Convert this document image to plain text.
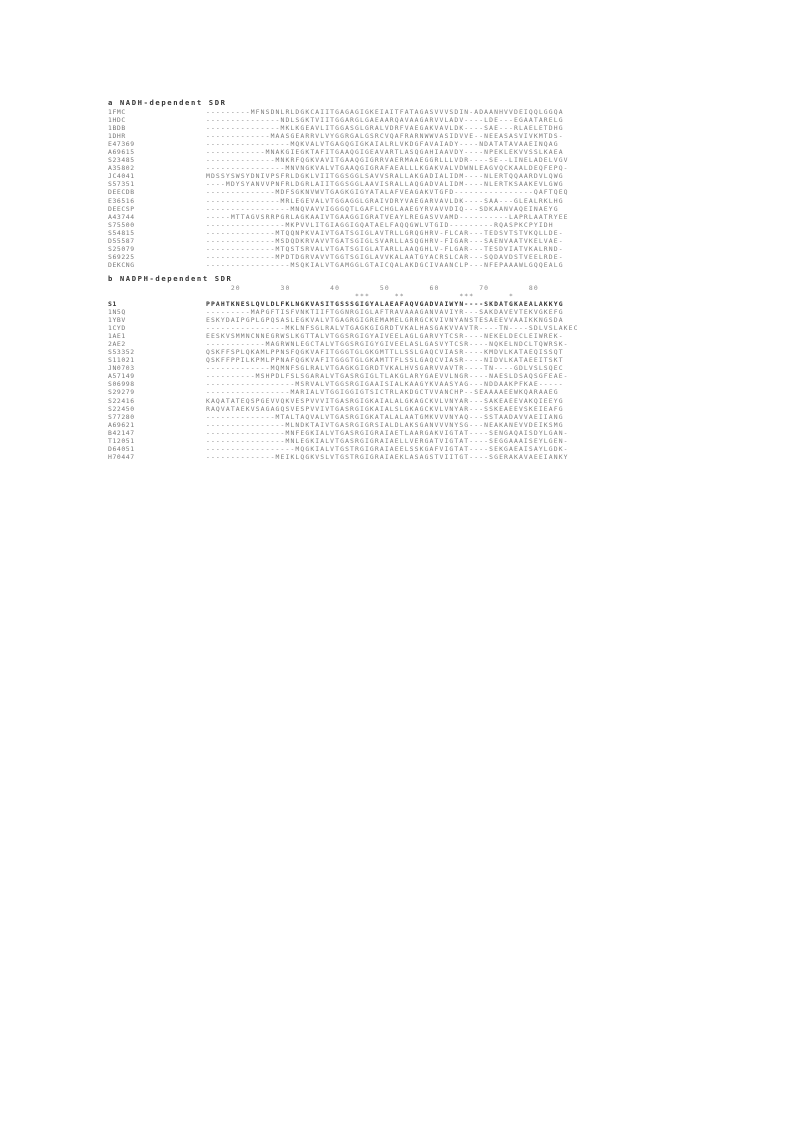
a NADH-dependent SDR
1FMC	---------MFNSDNLRLDGKCAIITGAGAGIGKEIAITFATAGASVVVSDIN-ADAANHVVDEIQQLGGQA
1HDC	---------------NDLSGKTVIITGGARGLGAEAARQAVAAGARVVLADV----LDE---EGAATARELG
1BDB	---------------MKLKGEAVLITGGASGLGRALVDRFVAEGAKVAVLDK----SAE---RLAELETDHG
1DHR	-------------MAASGEARRVLVYGGRGALGSRCVQAFRARNWWVASIDVVE--NEEASASVIVKMTDS-
E47369	-----------------MQKVALVTGAGQGIGKAIALRLVKDGFAVAIADY----NDATATAVAAEINQAG
A69615	------------MNAKGIEGKTAFITGAAQGIGEAVARTLASQGAHIAAVDY----NPEKLEKVVSSLKAEA
S23485	--------------MNKRFQGKVAVITGAAQGIGRRVAERMAAEGGRLLLVDR----SE--LINELADELVGV
A35802	----------------MNVNGKVALVTGAAQGIGRAFAEALLLKGAKVALVDWNLEAGVQCKAALDEQFEPQ-
JC4041	MDSSYSWSYDNIVPSFRLDGKLVIITGGSGGLSAVVSRALLAKGADIALIDM----NLERTQQAARDVLQWG
S57351	----MDYSYANVVPNFRLDGRLAIITGGSGGLAAVISRALLAQGADVALIDM----NLERTKSAAKEVLGWG
DEECDB	--------------MDFSGKNVWVTGAGKGIGYATALAFVEAGAKVTGFD----------------QAFTQEQ
E36516	---------------MRLEGEVALVTGGAGGLGRAIVDRYVAEGARVAVLDK----SAA---GLEALRKLHG
DEECSP	-----------------MNQVAVVIGGGQTLGAFLCHGLAAEGYRVAVVDIQ---SDKAANVAQEINAEYG
A43744	-----MTTAGVSRRPGRLAGKAAIVTGAAGGIGRATVEAYLREGASVVAMD----------LAPRLAATRYEE
S75500	----------------MKPVVLITGIAGGIGQATAELFAQQGWLVTGID---------RQASPKCPYIDH
S54815	--------------MTQQNPKVAIVTGATSGIGLAVTRLLGRQGHRV-FLCAR---TEDSVTSTVKQLLDE-
D55587	--------------MSDQDKRVAVVTGATSGIGLSVARLLASQGHRV-FIGAR---SAENVAATVKELVAE-
S25079	--------------MTQSTSRVALVTGATSGIGLATARLLAAQGHLV-FLGAR---TESDVIATVKALRND-
S69225	--------------MPDTDGRVAVVTGGTSGIGLAVVKALAATGYACRSLCAR---SQDAVDSTVEELRDE-
DEKCNG	-----------------MSQKIALVTGAMGGLGTAICQALAKDGCIVAANCLP---NFEPAAAWLGQQEALG
b NADPH-dependent SDR
20        30        40        50        60        70        80
***     **           ***       *
S1	PPAHTKNESLQVLDLFKLNGKVASITGSSSGIGYALAEAFAQVGADVAIWYN----SKDATGKAEALAKKYG
1N5Q	---------MAPGFTISFVNKTIIFTGGNRGIGLAFTRAVAAAGANVAVIYR---SAKDAVEVTEKVGKEFG
1YBV	ESKYDAIPGPLGPQSASLEGKVALVTGAGRGIGREMAMELGRRGCKVIVNYANSTESAEEVVAAIKKNGSDA
1CYD	----------------MKLNFSGLRALVTGAGKGIGRDTVKALHASGAKVVAVTR----TN----SDLVSLAKEC
1AE1	EESKVSMMNCNNEGRWSLKGTTALVTGGSRGIGYAIVEELAGLGARVYTCSR----NEKELDECLEIWREK-
2AE2	------------MAGRWNLEGCTALVTGGSRGIGYGIVEELASLGASVYTCSR----NQKELNDCLTQWRSK-
S53352	QSKFFSPLQKAMLPPNSFQGKVAFITGGGTGLGKGMTTLLSSLGAQCVIASR----KMDVLKATAEQISSQT
S11021	QSKFFPPILKPMLPPNAFQGKVAFITGGGTGLGKAMTTFLSSLGAQCVIASR----NIDVLKATAEEITSKT
JN0703	-------------MQMNFSGLRALVTGAGKGIGRDTVKALHVSGARVVAVTR----TN----GDLVSLSQEC
A57149	----------MSHPDLFSLSGARALVTGASRGIGLTLAKGLARYGAEVVLNGR----NAESLDSAQSGFEAE-
S06998	------------------MSRVALVTGGSRGIGAAISIALKAAGYKVAASYAG---NDDAAKPFKAE-----
S29279	-----------------MARIALVTGGIGGIGTSICTRLAKDGCTVVANCHP--SEAAAAEEWKQARAAEG
S22416	KAQATATEQSPGEVVQKVESPVVVITGASRGIGKAIALALGKAGCKVLVNYAR---SAKEAEEVAKQIEEYG
S22450	RAQVATAEKVSAGAGQSVESPVVIVTGASRGIGKAIALSLGKAGCKVLVNYAR---SSKEAEEVSKEIEAFG
S77280	--------------MTALTAQVALVTGASRGIGKATALALAATGMKVVVNYAQ---SSTAADAVVAEIIANG
A69621	----------------MLNDKTAIVTGASRGIGRSIALDLAKSGANVVVNYSG---NEAKANEVVDEIKSMG
B42147	----------------MNFEGKIALVTGASRGIGRAIAETLAARGAKVIGTAT----SENGAQAISDYLGAN-
T12051	----------------MNLEGKIALVTGASRGIGRAIAELLVERGATVIGTAT----SEGGAAAISEYLGEN-
D64051	------------------MQGKIALVTGSTRGIGRAIAEELSSKGAFVIGTAT----SEKGAEAISAYLGDK-
H70447	--------------MEIKLQGKVSLVTGSTRGIGRAIAEKLASAGSTVIITGT----SGERAKAVAEEIANKY
